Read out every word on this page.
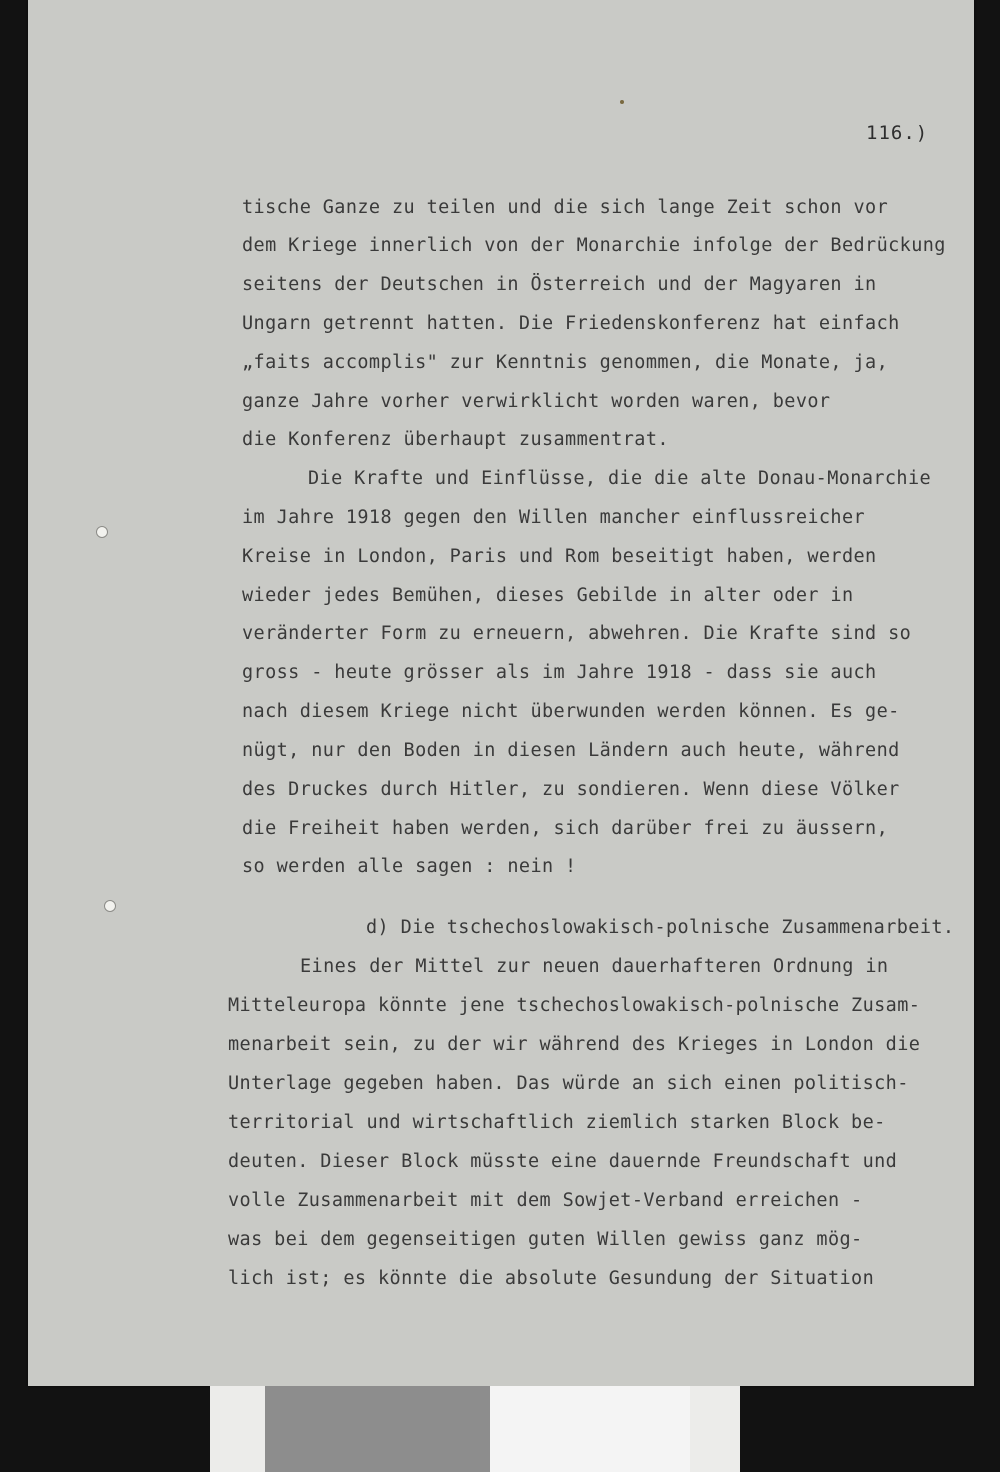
116.)
tische Ganze zu teilen und die sich lange Zeit schon vor
dem Kriege innerlich von der Monarchie infolge der Bedrückung
seitens der Deutschen in Österreich und der Magyaren in
Ungarn getrennt hatten. Die Friedenskonferenz hat einfach
„faits accomplis" zur Kenntnis genommen, die Monate, ja,
ganze Jahre vorher verwirklicht worden waren, bevor
die Konferenz überhaupt zusammentrat.
Die Krafte und Einflüsse, die die alte Donau-Monarchie
im Jahre 1918 gegen den Willen mancher einflussreicher
Kreise in London, Paris und Rom beseitigt haben, werden
wieder jedes Bemühen, dieses Gebilde in alter oder in
veränderter Form zu erneuern, abwehren. Die Krafte sind so
gross - heute grösser als im Jahre 1918 - dass sie auch
nach diesem Kriege nicht überwunden werden können. Es ge-
nügt, nur den Boden in diesen Ländern auch heute, während
des Druckes durch Hitler, zu sondieren. Wenn diese Völker
die Freiheit haben werden, sich darüber frei zu äussern,
so werden alle sagen : nein !
d) Die tschechoslowakisch-polnische Zusammenarbeit.
Eines der Mittel zur neuen dauerhafteren Ordnung in
Mitteleuropa könnte jene tschechoslowakisch-polnische Zusam-
menarbeit sein, zu der wir während des Krieges in London die
Unterlage gegeben haben. Das würde an sich einen politisch-
territorial und wirtschaftlich ziemlich starken Block be-
deuten. Dieser Block müsste eine dauernde Freundschaft und
volle Zusammenarbeit mit dem Sowjet-Verband erreichen -
was bei dem gegenseitigen guten Willen gewiss ganz mög-
lich ist; es könnte die absolute Gesundung der Situation
